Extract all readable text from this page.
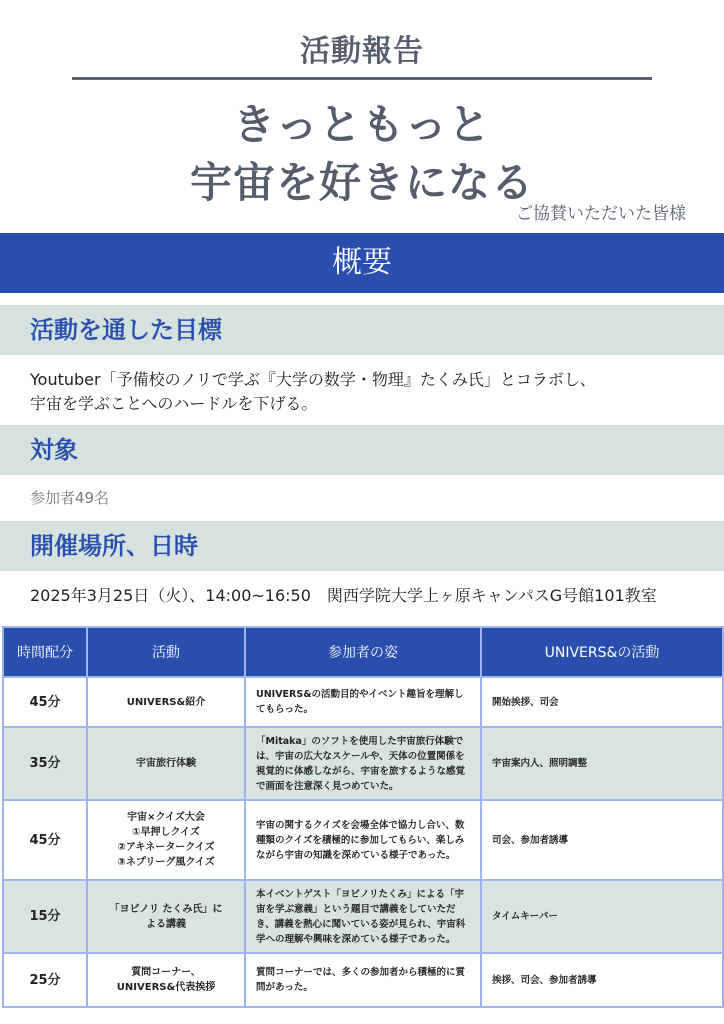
活動報告
きっともっと
宇宙を好きになる
ご協賛いただいた皆様
概要
活動を通した目標
Youtuber「予備校のノリで学ぶ『大学の数学・物理』たくみ氏」とコラボし、
宇宙を学ぶことへのハードルを下げる。
対象
参加者49名
開催場所、日時
2025年3月25日（火）、14:00~16:50　関西学院大学上ヶ原キャンパスG号館101教室
時間配分	活動	参加者の姿	UNIVERS&の活動
45分	UNIVERS&紹介	UNIVERS&の活動目的やイベント趣旨を理解してもらった。	開始挨拶、司会
35分	宇宙旅行体験	「Mitaka」のソフトを使用した宇宙旅行体験では、宇宙の広大なスケールや、天体の位置関係を視覚的に体感しながら、宇宙を旅するような感覚で画面を注意深く見つめていた。	宇宙案内人、照明調整
45分	宇宙×クイズ大会
①早押しクイズ
②アキネータークイズ
③ネプリーグ風クイズ	宇宙の関するクイズを会場全体で協力し合い、数種類のクイズを積極的に参加してもらい、楽しみながら宇宙の知識を深めている様子であった。	司会、参加者誘導
15分	「ヨビノリ たくみ氏」に
よる講義	本イベントゲスト「ヨビノリたくみ」による「宇宙を学ぶ意義」という題目で講義をしていただき、講義を熱心に聞いている姿が見られ、宇宙科学への理解や興味を深めている様子であった。	タイムキーパー
25分	質問コーナー、
UNIVERS&代表挨拶	質問コーナーでは、多くの参加者から積極的に質問があった。	挨拶、司会、参加者誘導
